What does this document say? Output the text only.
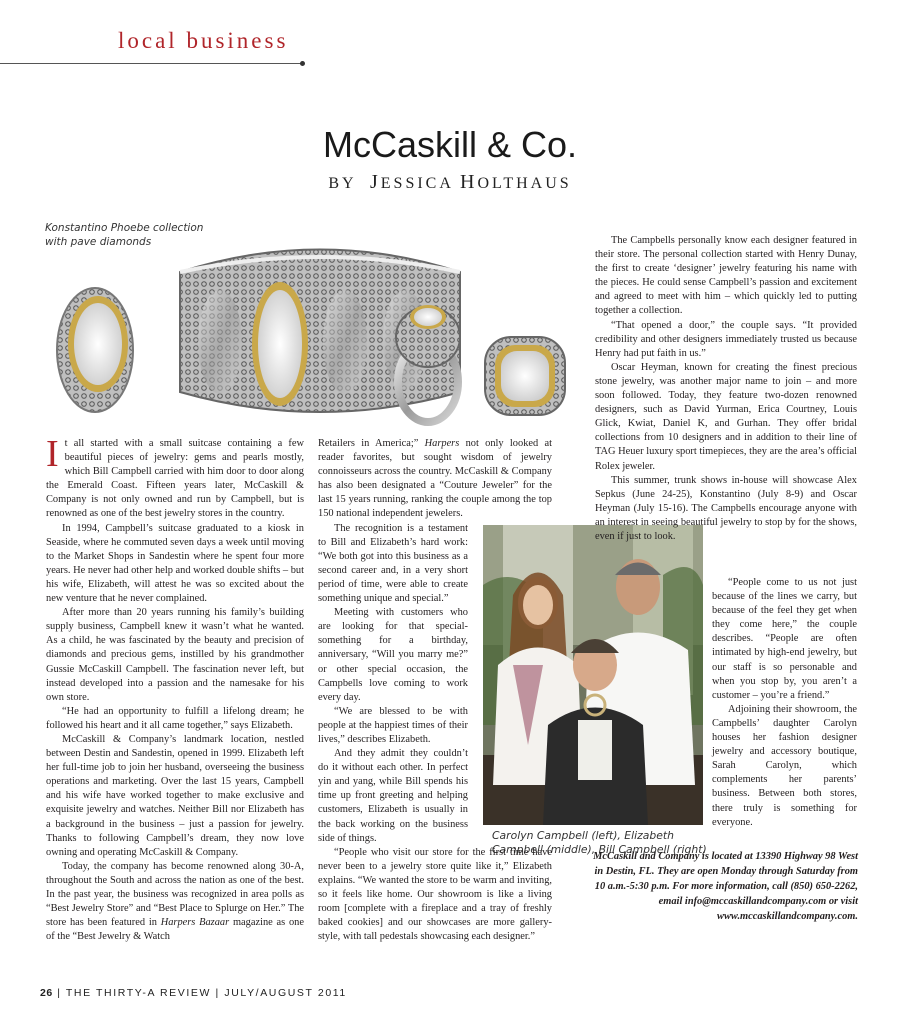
local business
McCaskill & Co.
BY JESSICA HOLTHAUS
Konstantino Phoebe collection
with pave diamonds
Carolyn Campbell (left), Elizabeth
Campbell (middle), Bill Campbell (right)

It all started with a small suitcase containing a few beautiful pieces of jewelry: gems and pearls mostly, which Bill Campbell carried with him door to door along the Emerald Coast. Fifteen years later, McCaskill & Company is not only owned and run by Campbell, but is renowned as one of the best jewelry stores in the country.

In 1994, Campbell’s suitcase graduated to a kiosk in Seaside, where he commuted seven days a week until moving to the Market Shops in Sandestin where he spent four more years. He never had other help and worked double shifts – but his wife, Elizabeth, will attest he was so excited about the new venture that he never complained.

After more than 20 years running his family’s building supply business, Campbell knew it wasn’t what he wanted. As a child, he was fascinated by the beauty and precision of diamonds and precious gems, instilled by his grandmother Gussie McCaskill Campbell. The fascination never left, but instead developed into a passion and the namesake for his own store.

“He had an opportunity to fulfill a lifelong dream; he followed his heart and it all came together,” says Elizabeth.

McCaskill & Company’s landmark location, nestled between Destin and Sandestin, opened in 1999. Elizabeth left her full-time job to join her husband, overseeing the business operations and marketing. Over the last 15 years, Campbell and his wife have worked together to make exclusive and exquisite jewelry and watches. Neither Bill nor Elizabeth has a background in the business – just a passion for jewelry. Thanks to following Campbell’s dream, they now love owning and operating McCaskill & Company.

Today, the company has become renowned along 30-A, throughout the South and across the nation as one of the best. In the past year, the business was recognized in area polls as “Best Jewelry Store” and “Best Place to Splurge on Her.” The store has been featured in Harpers Bazaar magazine as one of the “Best Jewelry & Watch

Retailers in America;” Harpers not only looked at reader favorites, but sought wisdom of jewelry connoisseurs across the country. McCaskill & Company has also been designated a “Couture Jeweler” for the last 15 years running, ranking the couple among the top 150 national independent jewelers.

The recognition is a testament to Bill and Elizabeth’s hard work: “We both got into this business as a second career and, in a very short period of time, were able to create something unique and special.”

Meeting with customers who are looking for that special-something for a birthday, anniversary, “Will you marry me?” or other special occasion, the Campbells love coming to work every day.

“We are blessed to be with people at the happiest times of their lives,” describes Elizabeth.

And they admit they couldn’t do it without each other. In perfect yin and yang, while Bill spends his time up front greeting and helping customers, Elizabeth is usually in the back working on the business side of things.

“People who visit our store for the first time have never been to a jewelry store quite like it,” Elizabeth explains. “We wanted the store to be warm and inviting, so it feels like home. Our showroom is like a living room [complete with a fireplace and a tray of freshly baked cookies] and our showcases are more gallery-style, with tall pedestals showcasing each designer.”

The Campbells personally know each designer featured in their store. The personal collection started with Henry Dunay, the first to create ‘designer’ jewelry featuring his name with the pieces. He could sense Campbell’s passion and excitement and agreed to meet with him – which quickly led to putting together a collection.

“That opened a door,” the couple says. “It provided credibility and other designers immediately trusted us because Henry had put faith in us.”

Oscar Heyman, known for creating the finest precious stone jewelry, was another major name to join – and more soon followed. Today, they feature two-dozen renowned designers, such as David Yurman, Erica Courtney, Louis Glick, Kwiat, Daniel K, and Gurhan. They offer bridal collections from 10 designers and in addition to their line of TAG Heuer luxury sport timepieces, they are the area’s official Rolex jeweler.

This summer, trunk shows in-house will showcase Alex Sepkus (June 24-25), Konstantino (July 8-9) and Oscar Heyman (July 15-16). The Campbells encourage anyone with an interest in seeing beautiful jewelry to stop by for the shows, even if just to look.

“People come to us not just because of the lines we carry, but because of the feel they get when they come here,” the couple describes. “People are often intimated by high-end jewelry, but our staff is so personable and when you stop by, you aren’t a customer – you’re a friend.”

Adjoining their showroom, the Campbells’ daughter Carolyn houses her fashion designer jewelry and accessory boutique, Sarah Carolyn, which complements her parents’ business. Between both stores, there truly is something for everyone.

McCaskill and Company is located at 13390 Highway 98 West in Destin, FL. They are open Monday through Saturday from 10 a.m.-5:30 p.m. For more information, call (850) 650-2262, email info@mccaskillandcompany.com or visit www.mccaskillandcompany.com.
26 | THE THIRTY-A REVIEW | JULY/AUGUST 2011
